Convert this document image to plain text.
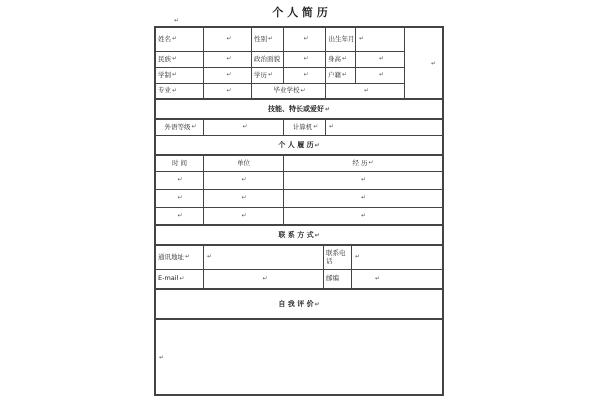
个 人 简 历
↵
姓名 ↵	↵	性别 ↵	↵	出生年月 ↵
民族 ↵	↵	政治面貌	↵	身高 ↵	↵
学制 ↵	↵	学历 ↵	↵	户籍 ↵	↵
专业 ↵	↵	毕业学校 ↵	↵
↵
技能、特长或爱好 ↵
外语等级 ↵	↵	计算机 ↵ ↵
个 人 履 历 ↵
时 间	单位	经 历 ↵
↵	↵	↵
↵	↵	↵
↵	↵	↵
联 系 方 式 ↵
通讯地址 ↵	↵	联系电话	↵
E-mail ↵	↵	邮编	↵
自 我 评 价 ↵
↵
